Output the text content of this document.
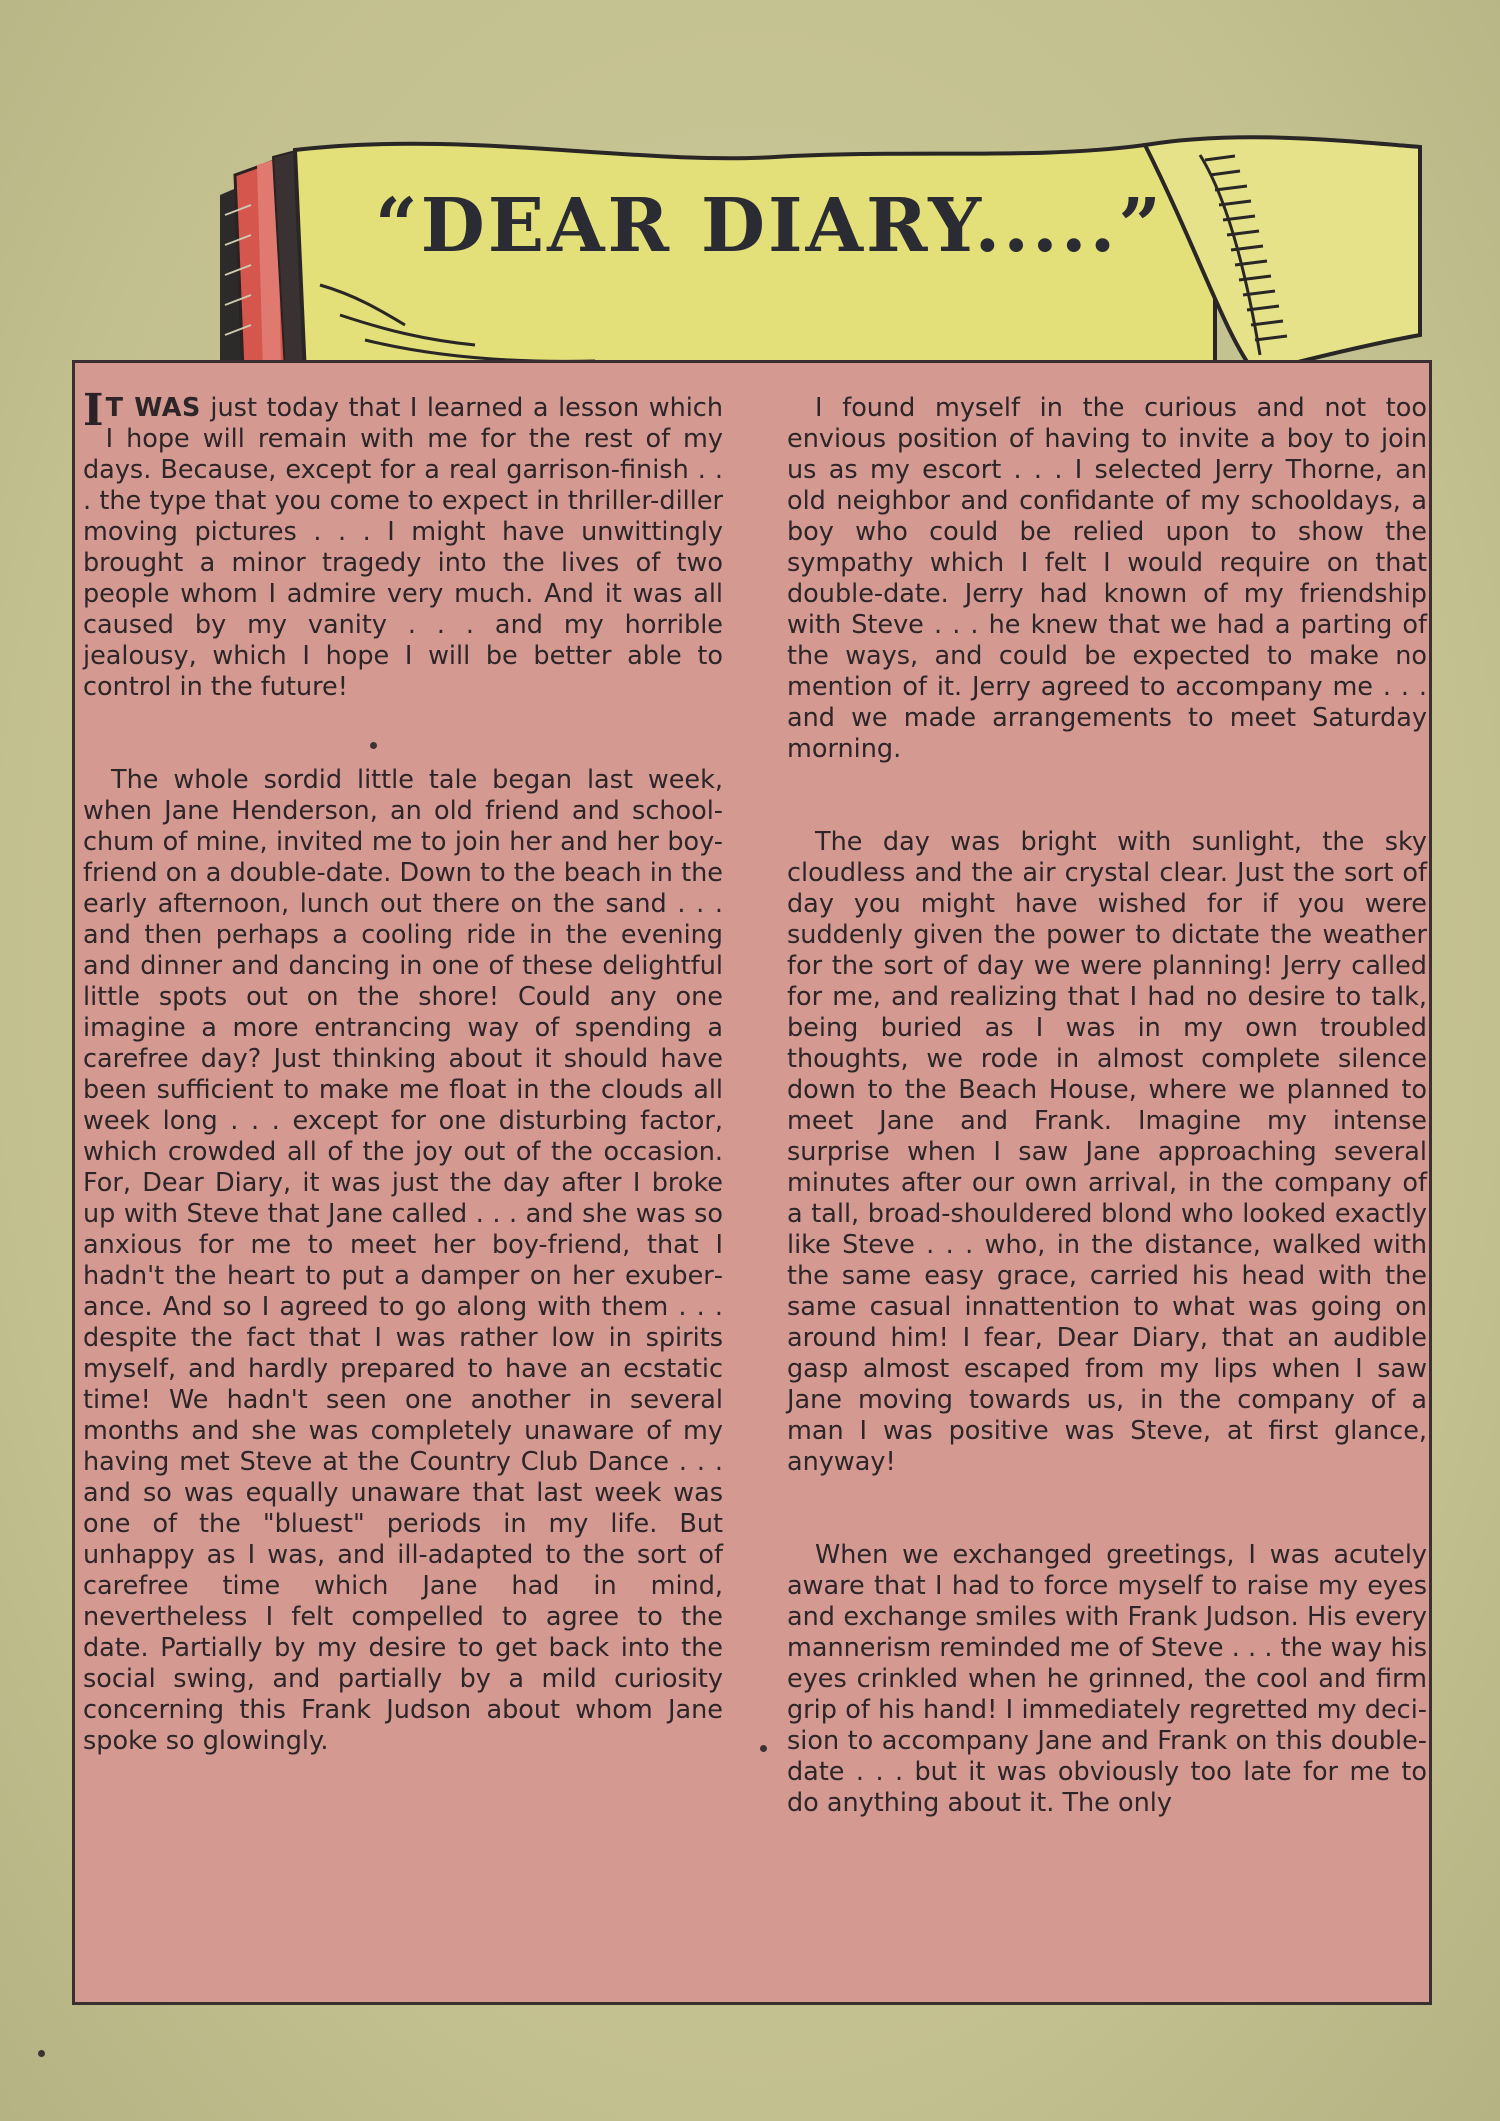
“DEAR DIARY.....”

I T WAS just today that I learned a lesson which I hope will remain with me for the rest of my days. Because, except for a real garrison-finish . . . the type that you come to expect in thriller-diller moving pictures . . . I might have unwittingly brought a minor tragedy into the lives of two people whom I admire very much. And it was all caused by my vanity . . . and my horrible jealousy, which I hope I will be better able to control in the future!

The whole sordid little tale began last week, when Jane Henderson, an old friend and school-chum of mine, invited me to join her and her boy-friend on a double-date. Down to the beach in the early afternoon, lunch out there on the sand . . . and then perhaps a cooling ride in the evening and dinner and dancing in one of these delightful little spots out on the shore! Could any one imagine a more entrancing way of spending a carefree day? Just thinking about it should have been sufficient to make me float in the clouds all week long . . . except for one disturbing factor, which crowded all of the joy out of the occasion. For, Dear Diary, it was just the day after I broke up with Steve that Jane called . . . and she was so anxious for me to meet her boy-friend, that I hadn't the heart to put a damper on her exuberance. And so I agreed to go along with them . . . despite the fact that I was rather low in spirits myself, and hardly prepared to have an ecstatic time! We hadn't seen one another in several months and she was completely unaware of my having met Steve at the Country Club Dance . . . and so was equally unaware that last week was one of the "bluest" periods in my life. But unhappy as I was, and ill-adapted to the sort of carefree time which Jane had in mind, nevertheless I felt compelled to agree to the date. Partially by my desire to get back into the social swing, and partially by a mild curiosity concerning this Frank Judson about whom Jane spoke so glowingly.

I found myself in the curious and not too envious position of having to invite a boy to join us as my escort . . . I selected Jerry Thorne, an old neighbor and confidante of my schooldays, a boy who could be relied upon to show the sympathy which I felt I would require on that double-date. Jerry had known of my friendship with Steve . . . he knew that we had a parting of the ways, and could be expected to make no mention of it. Jerry agreed to accompany me . . . and we made arrangements to meet Saturday morning.

The day was bright with sunlight, the sky cloudless and the air crystal clear. Just the sort of day you might have wished for if you were suddenly given the power to dictate the weather for the sort of day we were planning! Jerry called for me, and realizing that I had no desire to talk, being buried as I was in my own troubled thoughts, we rode in almost complete silence down to the Beach House, where we planned to meet Jane and Frank. Imagine my intense surprise when I saw Jane approaching several minutes after our own arrival, in the company of a tall, broad-shouldered blond who looked exactly like Steve . . . who, in the distance, walked with the same easy grace, carried his head with the same casual innattention to what was going on around him! I fear, Dear Diary, that an audible gasp almost escaped from my lips when I saw Jane moving towards us, in the company of a man I was positive was Steve, at first glance, anyway!

When we exchanged greetings, I was acutely aware that I had to force myself to raise my eyes and exchange smiles with Frank Judson. His every mannerism reminded me of Steve . . . the way his eyes crinkled when he grinned, the cool and firm grip of his hand! I immediately regretted my decision to accompany Jane and Frank on this double-date . . . but it was obviously too late for me to do anything about it. The only
